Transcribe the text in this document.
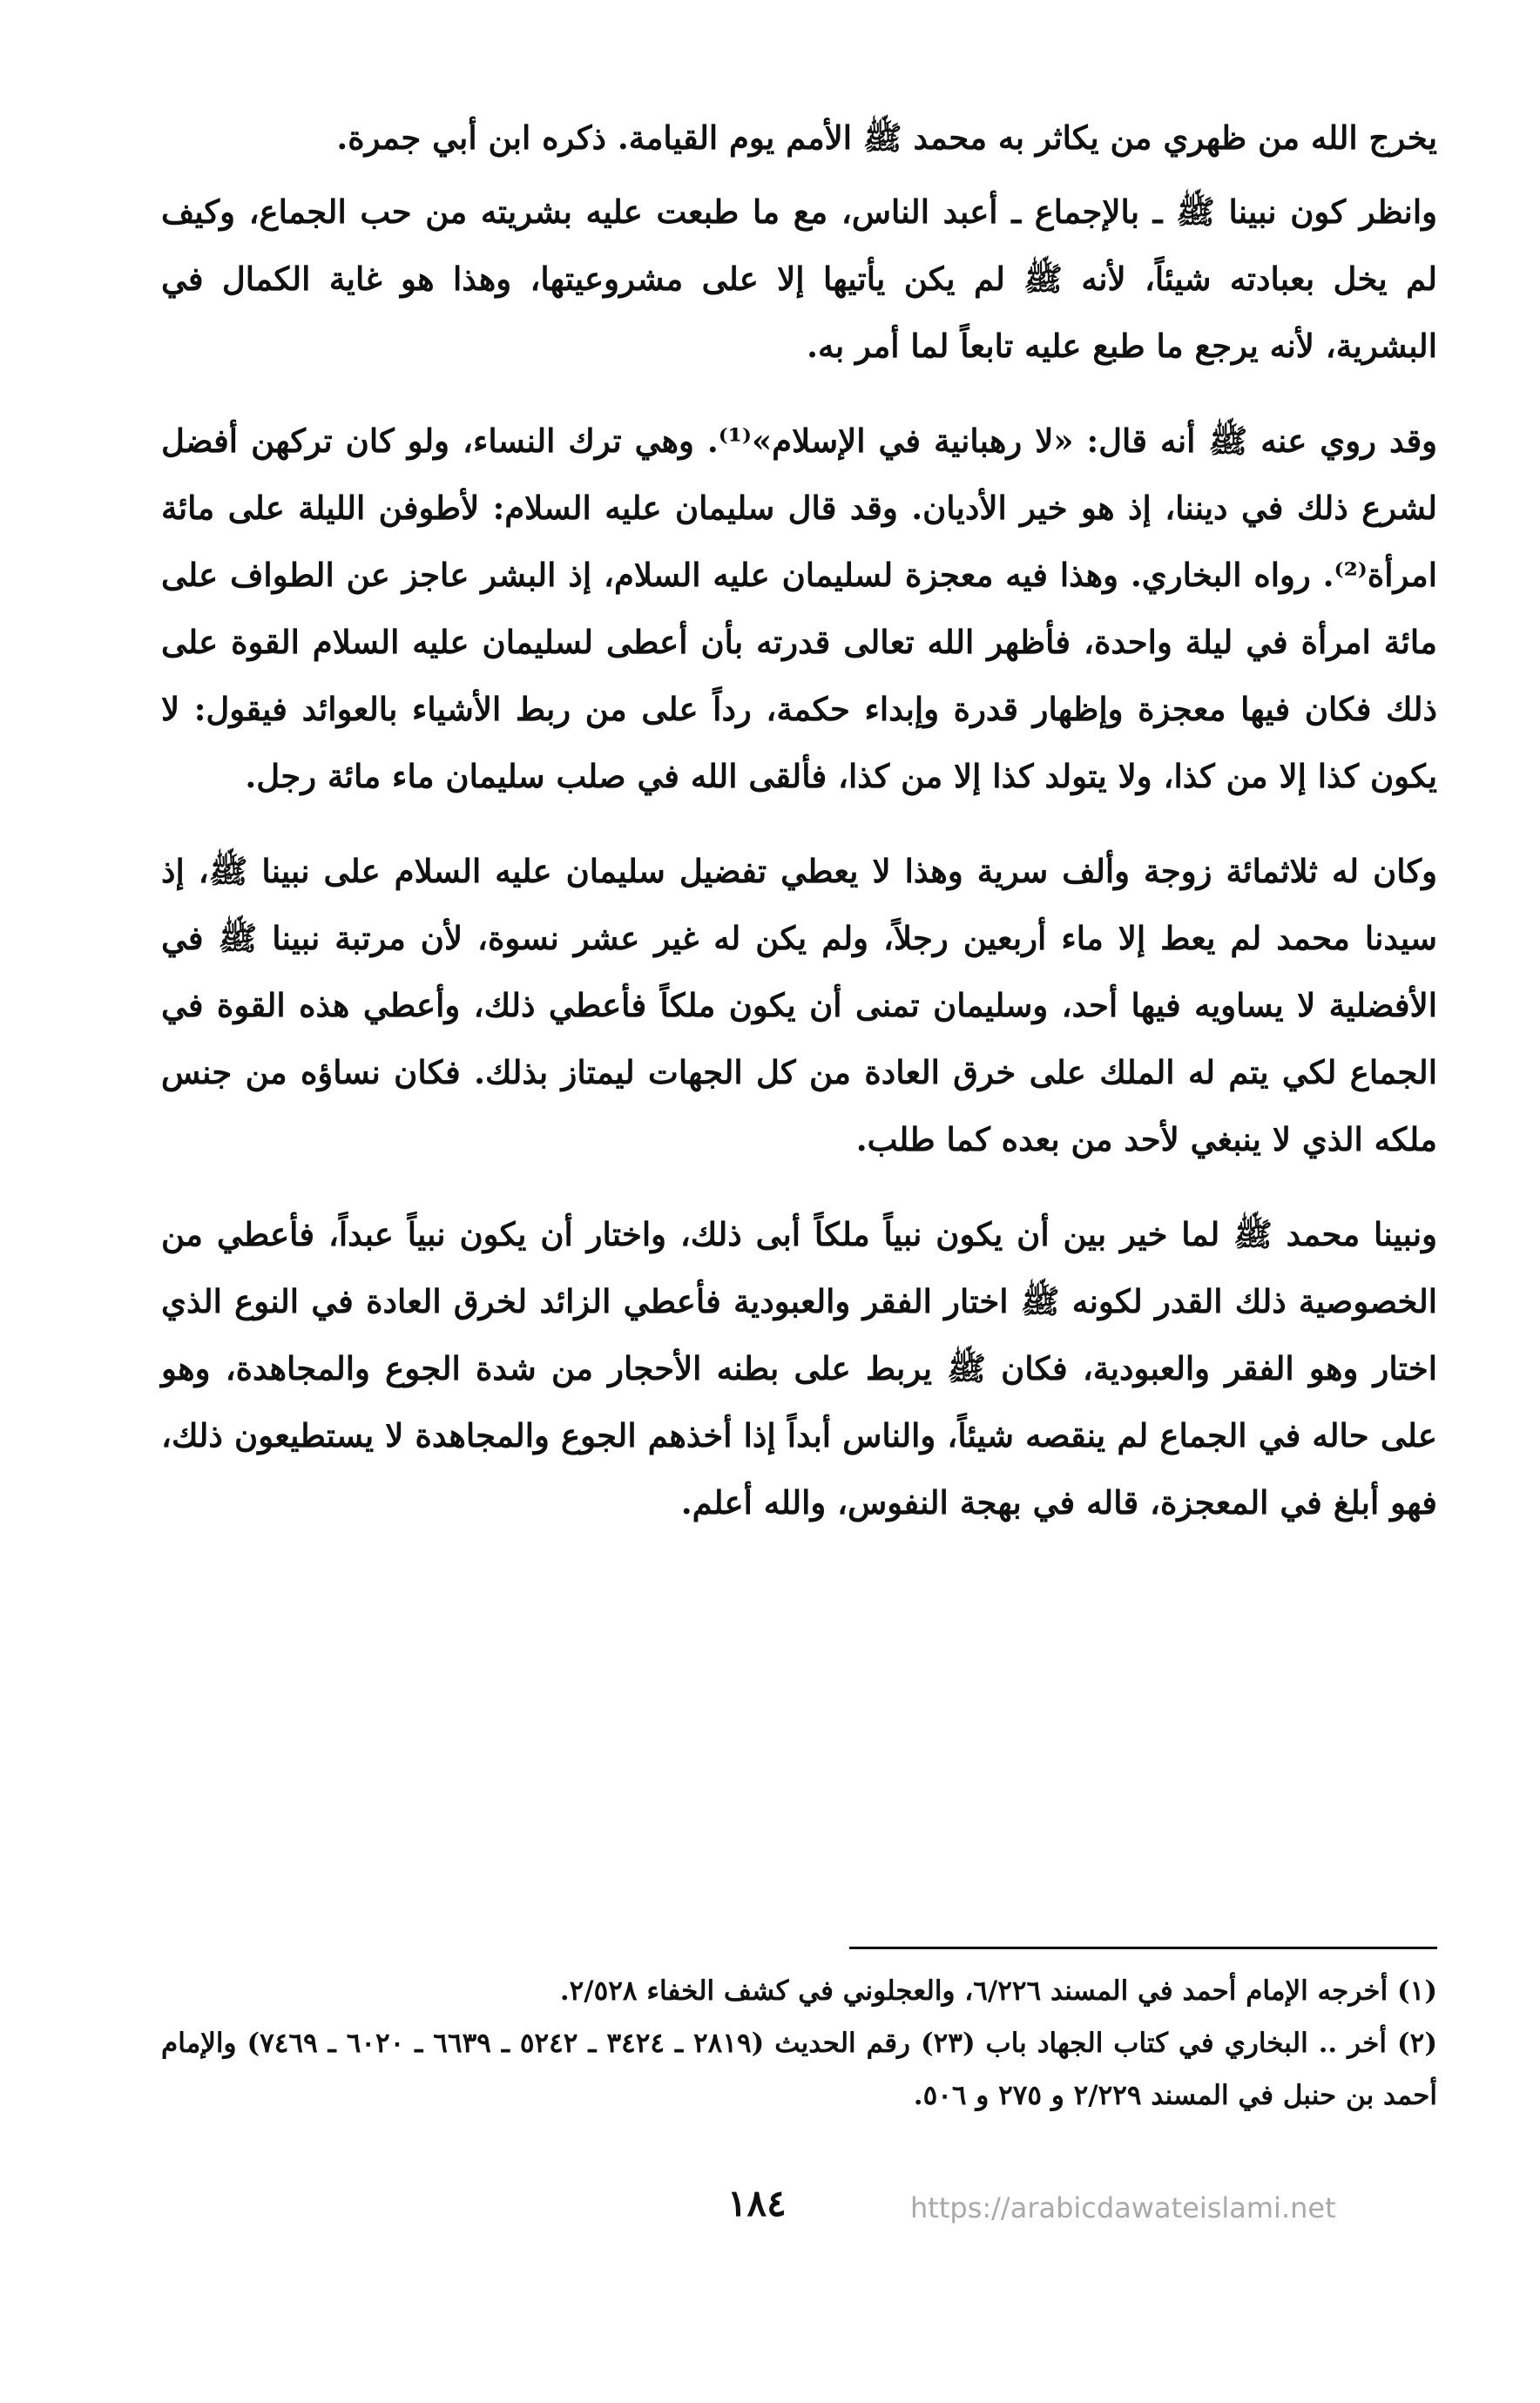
يخرج الله من ظهري من يكاثر به محمد ﷺ الأمم يوم القيامة. ذكره ابن أبي جمرة.

وانظر كون نبينا ﷺ ـ بالإجماع ـ أعبد الناس، مع ما طبعت عليه بشريته من حب الجماع، وكيف لم يخل بعبادته شيئاً، لأنه ﷺ لم يكن يأتيها إلا على مشروعيتها، وهذا هو غاية الكمال في البشرية، لأنه يرجع ما طبع عليه تابعاً لما أمر به.

وقد روي عنه ﷺ أنه قال: «لا رهبانية في الإسلام»⁽¹⁾. وهي ترك النساء، ولو كان تركهن أفضل لشرع ذلك في ديننا، إذ هو خير الأديان. وقد قال سليمان عليه السلام: لأطوفن الليلة على مائة امرأة⁽²⁾. رواه البخاري. وهذا فيه معجزة لسليمان عليه السلام، إذ البشر عاجز عن الطواف على مائة امرأة في ليلة واحدة، فأظهر الله تعالى قدرته بأن أعطى لسليمان عليه السلام القوة على ذلك فكان فيها معجزة وإظهار قدرة وإبداء حكمة، رداً على من ربط الأشياء بالعوائد فيقول: لا يكون كذا إلا من كذا، ولا يتولد كذا إلا من كذا، فألقى الله في صلب سليمان ماء مائة رجل.

وكان له ثلاثمائة زوجة وألف سرية وهذا لا يعطي تفضيل سليمان عليه السلام على نبينا ﷺ، إذ سيدنا محمد لم يعط إلا ماء أربعين رجلاً، ولم يكن له غير عشر نسوة، لأن مرتبة نبينا ﷺ في الأفضلية لا يساويه فيها أحد، وسليمان تمنى أن يكون ملكاً فأعطي ذلك، وأعطي هذه القوة في الجماع لكي يتم له الملك على خرق العادة من كل الجهات ليمتاز بذلك. فكان نساؤه من جنس ملكه الذي لا ينبغي لأحد من بعده كما طلب.

ونبينا محمد ﷺ لما خير بين أن يكون نبياً ملكاً أبى ذلك، واختار أن يكون نبياً عبداً، فأعطي من الخصوصية ذلك القدر لكونه ﷺ اختار الفقر والعبودية فأعطي الزائد لخرق العادة في النوع الذي اختار وهو الفقر والعبودية، فكان ﷺ يربط على بطنه الأحجار من شدة الجوع والمجاهدة، وهو على حاله في الجماع لم ينقصه شيئاً، والناس أبداً إذا أخذهم الجوع والمجاهدة لا يستطيعون ذلك، فهو أبلغ في المعجزة، قاله في بهجة النفوس، والله أعلم.

(١) أخرجه الإمام أحمد في المسند ٦/٢٢٦، والعجلوني في كشف الخفاء ٢/٥٢٨.

(٢) أخر .. البخاري في كتاب الجهاد باب (٢٣) رقم الحديث (٢٨١٩ ـ ٣٤٢٤ ـ ٥٢٤٢ ـ ٦٦٣٩ ـ ٦٠٢٠ ـ ٧٤٦٩) والإمام أحمد بن حنبل في المسند ٢/٢٢٩ و ٢٧٥ و ٥٠٦.

١٨٤	https://arabicdawateislami.net
